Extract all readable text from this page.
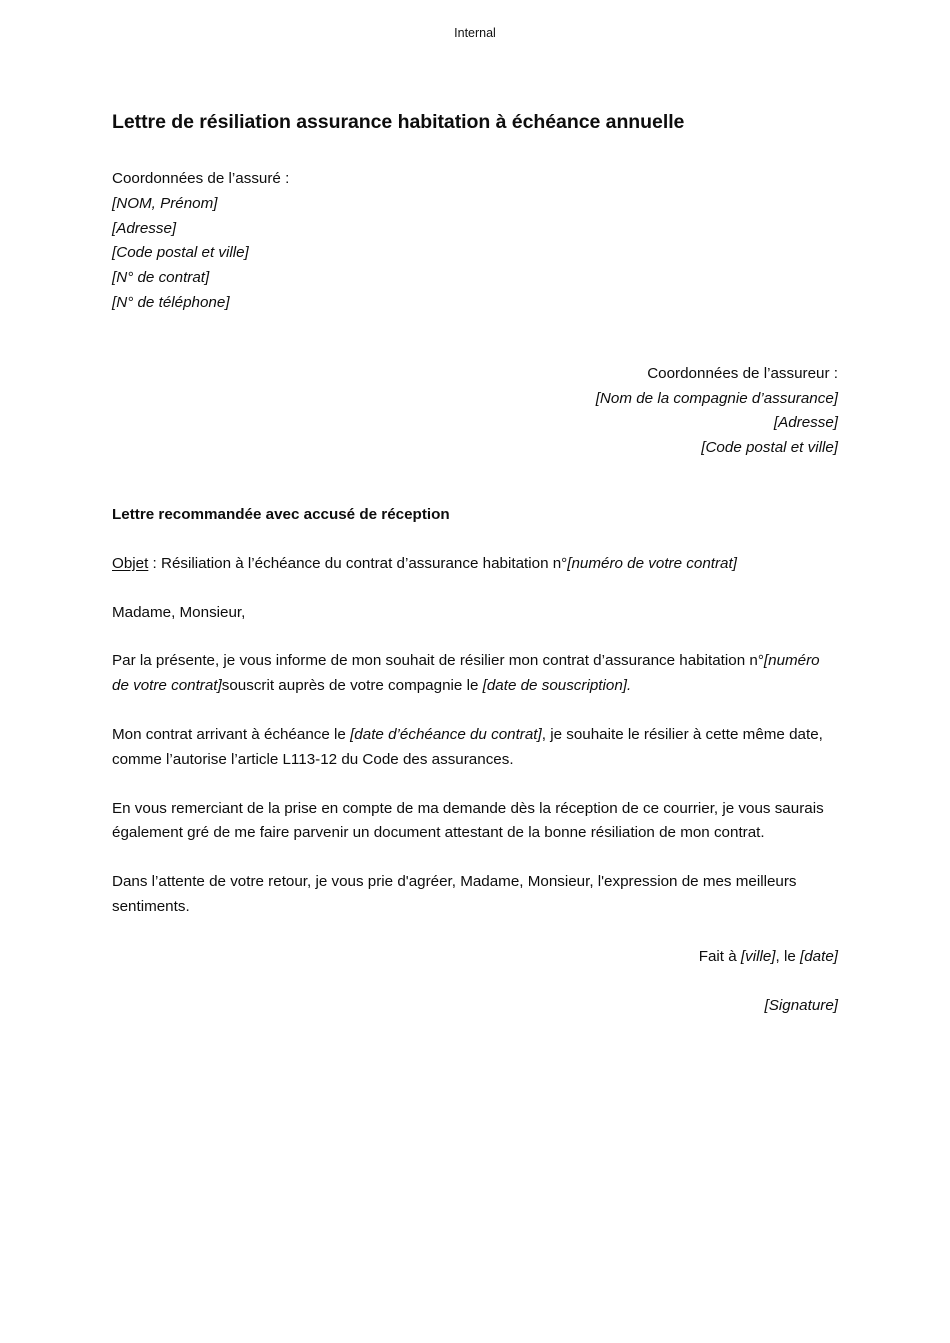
Internal
Lettre de résiliation assurance habitation à échéance annuelle
Coordonnées de l’assuré :
[NOM, Prénom]
[Adresse]
[Code postal et ville]
[N° de contrat]
[N° de téléphone]
Coordonnées de l’assureur :
[Nom de la compagnie d’assurance]
[Adresse]
[Code postal et ville]
Lettre recommandée avec accusé de réception
Objet : Résiliation à l’échéance du contrat d’assurance habitation n°[numéro de votre contrat]
Madame, Monsieur,
Par la présente, je vous informe de mon souhait de résilier mon contrat d’assurance habitation n°[numéro de votre contrat]souscrit auprès de votre compagnie le [date de souscription].
Mon contrat arrivant à échéance le [date d’échéance du contrat], je souhaite le résilier à cette même date, comme l’autorise l’article L113-12 du Code des assurances.
En vous remerciant de la prise en compte de ma demande dès la réception de ce courrier, je vous saurais également gré de me faire parvenir un document attestant de la bonne résiliation de mon contrat.
Dans l’attente de votre retour, je vous prie d'agréer, Madame, Monsieur, l'expression de mes meilleurs sentiments.
Fait à [ville], le [date]
[Signature]
